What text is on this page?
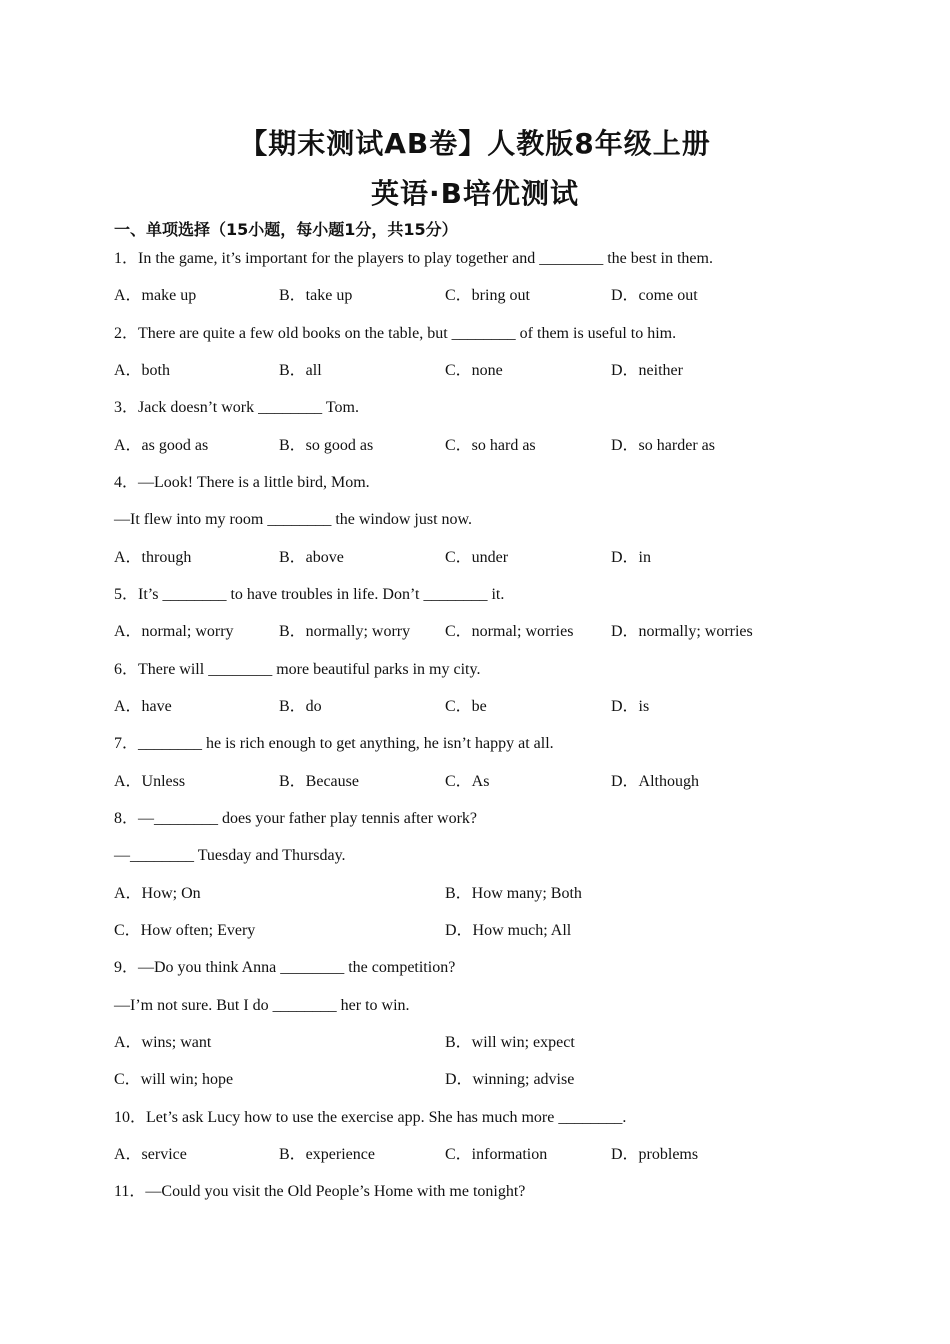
【期末测试AB卷】人教版8年级上册
英语·B培优测试
一、单项选择（15小题，每小题1分，共15分）
1．In the game, it’s important for the players to play together and ________ the best in them.
A．make up	B．take up	C．bring out	D．come out
2．There are quite a few old books on the table, but ________ of them is useful to him.
A．both	B．all	C．none	D．neither
3．Jack doesn’t work ________ Tom.
A．as good as	B．so good as	C．so hard as	D．so harder as
4．—Look! There is a little bird, Mom.
—It flew into my room ________ the window just now.
A．through	B．above	C．under	D．in
5．It’s ________ to have troubles in life. Don’t ________ it.
A．normal; worry	B．normally; worry C．normal; worries D．normally; worries
6．There will ________ more beautiful parks in my city.
A．have	B．do	C．be	D．is
7．________ he is rich enough to get anything, he isn’t happy at all.
A．Unless	B．Because	C．As	D．Although
8．—________ does your father play tennis after work?
—________ Tuesday and Thursday.
A．How; On	B．How many; Both
C．How often; Every	D．How much; All
9．—Do you think Anna ________ the competition?
—I’m not sure. But I do ________ her to win.
A．wins; want	B．will win; expect
C．will win; hope	D．winning; advise
10．Let’s ask Lucy how to use the exercise app. She has much more ________.
A．service	B．experience	C．information	D．problems
11．—Could you visit the Old People’s Home with me tonight?
